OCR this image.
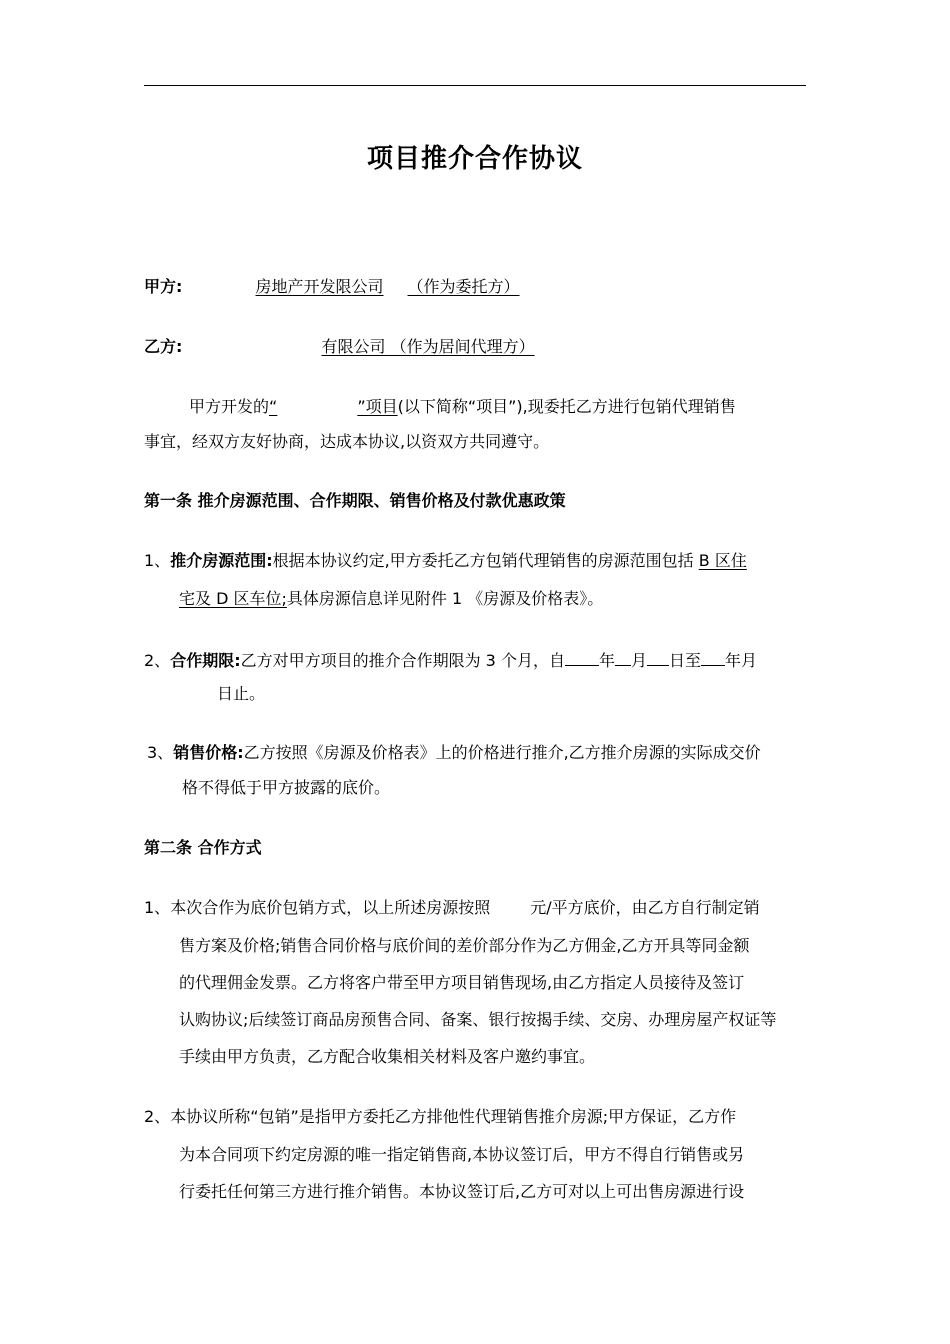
项目推介合作协议
甲方:	房地产开发限公司 （作为委托方）
乙方:	有限公司 （作为居间代理方）
甲方开发的“	”项目(以下简称“项目”),现委托乙方进行包销代理销售
事宜，经双方友好协商，达成本协议,以资双方共同遵守。
第一条 推介房源范围、合作期限、销售价格及付款优惠政策
1、推介房源范围:根据本协议约定,甲方委托乙方包销代理销售的房源范围包括 B 区住
宅及 D 区车位;具体房源信息详见附件 1 《房源及价格表》。
2、合作期限:乙方对甲方项目的推介合作期限为 3 个月，自 年 月 日至 年月
日止。
3、销售价格:乙方按照《房源及价格表》上的价格进行推介,乙方推介房源的实际成交价
格不得低于甲方披露的底价。
第二条 合作方式
1、本次合作为底价包销方式，以上所述房源按照	元/平方底价，由乙方自行制定销
售方案及价格;销售合同价格与底价间的差价部分作为乙方佣金,乙方开具等同金额
的代理佣金发票。乙方将客户带至甲方项目销售现场,由乙方指定人员接待及签订
认购协议;后续签订商品房预售合同、备案、银行按揭手续、交房、办理房屋产权证等
手续由甲方负责，乙方配合收集相关材料及客户邀约事宜。
2、本协议所称“包销”是指甲方委托乙方排他性代理销售推介房源;甲方保证，乙方作
为本合同项下约定房源的唯一指定销售商,本协议签订后，甲方不得自行销售或另
行委托任何第三方进行推介销售。本协议签订后,乙方可对以上可出售房源进行设
